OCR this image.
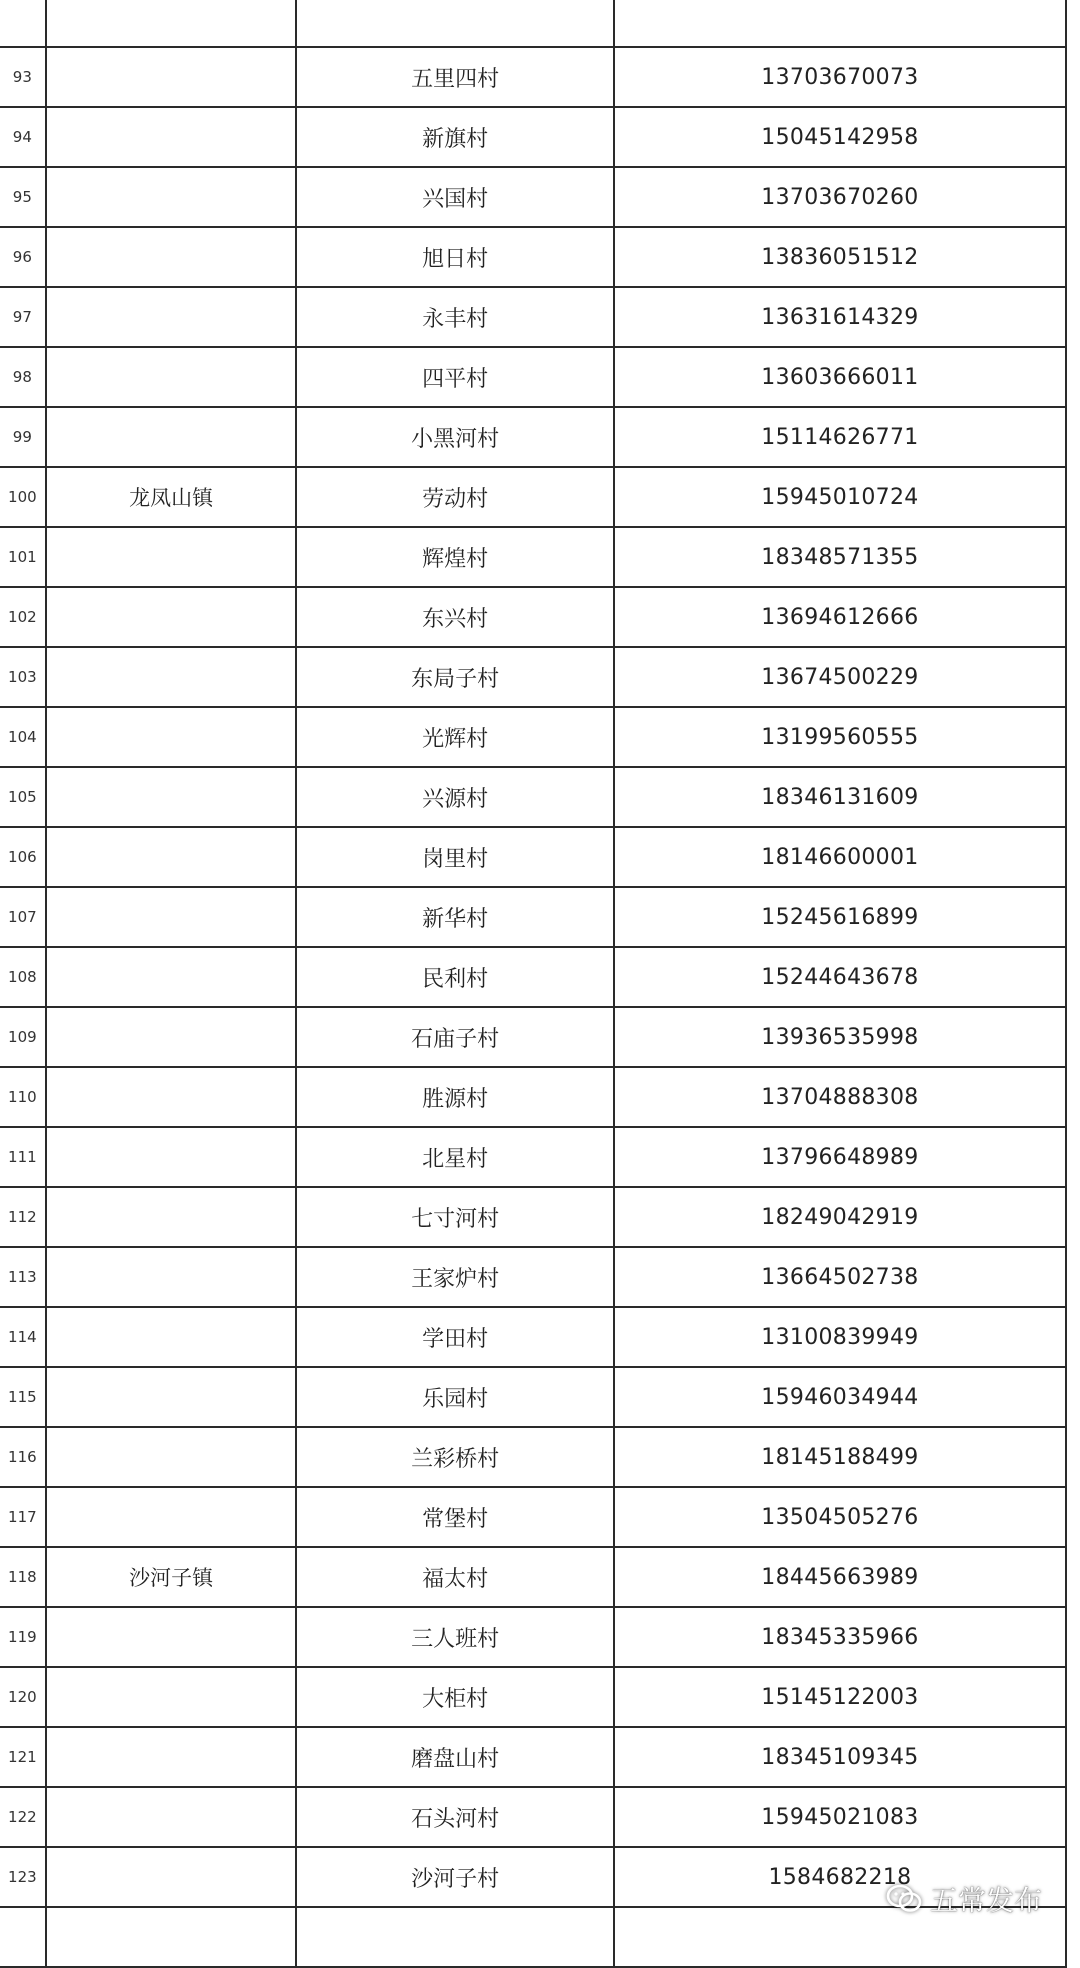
93		五里四村	13703670073
94		新旗村	15045142958
95		兴国村	13703670260
96		旭日村	13836051512
97		永丰村	13631614329
98		四平村	13603666011
99		小黑河村	15114626771
100	龙凤山镇	劳动村	15945010724
101		辉煌村	18348571355
102		东兴村	13694612666
103		东局子村	13674500229
104		光辉村	13199560555
105		兴源村	18346131609
106		岗里村	18146600001
107		新华村	15245616899
108		民利村	15244643678
109		石庙子村	13936535998
110		胜源村	13704888308
111		北星村	13796648989
112		七寸河村	18249042919
113		王家炉村	13664502738
114		学田村	13100839949
115		乐园村	15946034944
116		兰彩桥村	18145188499
117		常堡村	13504505276
118	沙河子镇	福太村	18445663989
119		三人班村	18345335966
120		大柜村	15145122003
121		磨盘山村	18345109345
122		石头河村	15945021083
123		沙河子村	1584682218

五常发布
